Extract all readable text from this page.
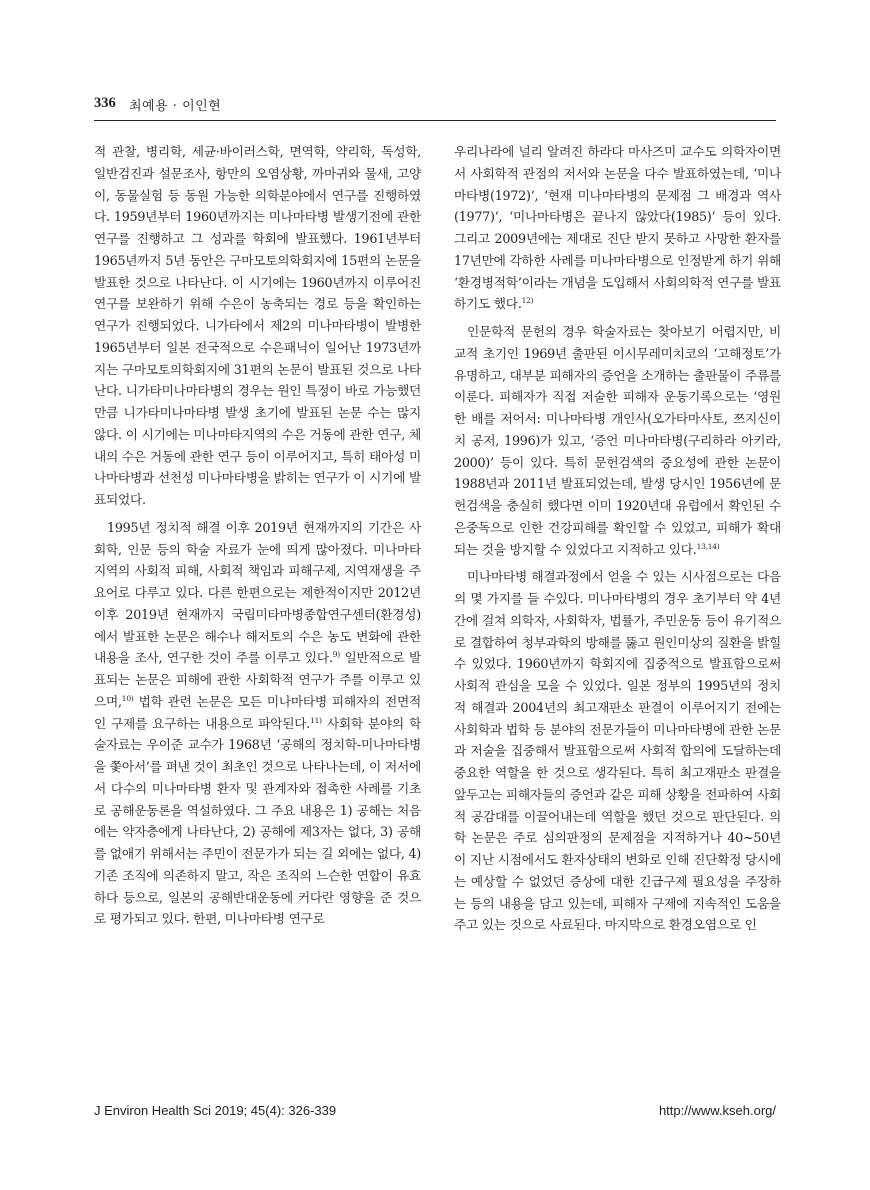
336 최예용 · 이인현

적 관찰, 병리학, 세균·바이러스학, 면역학, 약리학, 독성학, 일반검진과 설문조사, 항만의 오염상황, 까마귀와 물새, 고양이, 동물실험 등 동원 가능한 의학분야에서 연구를 진행하였다. 1959년부터 1960년까지는 미나마타병 발생기전에 관한 연구를 진행하고 그 성과를 학회에 발표했다. 1961년부터 1965년까지 5년 동안은 구마모토의학회지에 15편의 논문을 발표한 것으로 나타난다. 이 시기에는 1960년까지 이루어진 연구를 보완하기 위해 수은이 농축되는 경로 등을 확인하는 연구가 진행되었다. 니가타에서 제2의 미나마타병이 발병한 1965년부터 일본 전국적으로 수은패닉이 일어난 1973년까지는 구마모토의학회지에 31편의 논문이 발표된 것으로 나타난다. 니가타미나마타병의 경우는 원인 특정이 바로 가능했던 만큼 니가타미나마타병 발생 초기에 발표된 논문 수는 많지 않다. 이 시기에는 미나마타지역의 수은 거동에 관한 연구, 체내의 수은 거동에 관한 연구 등이 이루어지고, 특히 태아성 미나마타병과 선천성 미나마타병을 밝히는 연구가 이 시기에 발표되었다.

1995년 정치적 해결 이후 2019년 현재까지의 기간은 사회학, 인문 등의 학술 자료가 눈에 띄게 많아졌다. 미나마타 지역의 사회적 피해, 사회적 책임과 피해구제, 지역재생을 주요어로 다루고 있다. 다른 한편으로는 제한적이지만 2012년 이후 2019년 현재까지 국립미타마병종합연구센터(환경성)에서 발표한 논문은 해수나 해저토의 수은 농도 변화에 관한 내용을 조사, 연구한 것이 주를 이루고 있다.$^{9)}$ 일반적으로 발표되는 논문은 피해에 관한 사회학적 연구가 주를 이루고 있으며,$^{10)}$ 법학 관련 논문은 모든 미나마타병 피해자의 전면적인 구제를 요구하는 내용으로 파악된다.$^{11)}$ 사회학 분야의 학술자료는 우이준 교수가 1968년 ‘공해의 정치학-미나마타병을 쫓아서’를 펴낸 것이 최초인 것으로 나타나는데, 이 저서에서 다수의 미나마타병 환자 및 관계자와 접촉한 사례를 기초로 공해운동론을 역설하였다. 그 주요 내용은 1) 공해는 처음에는 약자층에게 나타난다, 2) 공해에 제3자는 없다, 3) 공해를 없애기 위해서는 주민이 전문가가 되는 길 외에는 없다, 4) 기존 조직에 의존하지 말고, 작은 조직의 느슨한 연합이 유효하다 등으로, 일본의 공해반대운동에 커다란 영향을 준 것으로 평가되고 있다. 한편, 미나마타병 연구로

우리나라에 널리 알려진 하라다 마사즈미 교수도 의학자이면서 사회학적 관점의 저서와 논문을 다수 발표하였는데, ‘미나마타병(1972)’, ‘현재 미나마타병의 문제점 그 배경과 역사(1977)’, ‘미나마타병은 끝나지 않았다(1985)’ 등이 있다. 그리고 2009년에는 제대로 진단 받지 못하고 사망한 환자를 17년만에 각하한 사례를 미나마타병으로 인정받게 하기 위해 ‘환경병적학’이라는 개념을 도입해서 사회의학적 연구를 발표하기도 했다.$^{12)}$

인문학적 문헌의 경우 학술자료는 찾아보기 어렵지만, 비교적 초기인 1969년 출판된 이시무레미치코의 ‘고해정토’가 유명하고, 대부분 피해자의 증언을 소개하는 출판물이 주류를 이룬다. 피해자가 직접 저술한 피해자 운동기록으로는 ‘영원한 배를 저어서: 미나마타병 개인사(오가타마사토, 쯔지신이치 공저, 1996)가 있고, ‘증언 미나마타병(구리하라 아키라, 2000)’ 등이 있다. 특히 문헌검색의 중요성에 관한 논문이 1988년과 2011년 발표되었는데, 발생 당시인 1956년에 문헌검색을 충실히 했다면 이미 1920년대 유럽에서 확인된 수은중독으로 인한 건강피해를 확인할 수 있었고, 피해가 확대되는 것을 방지할 수 있었다고 지적하고 있다.$^{13,14)}$

미나마타병 해결과정에서 얻을 수 있는 시사점으로는 다음의 몇 가지를 들 수있다. 미나마타병의 경우 초기부터 약 4년간에 걸쳐 의학자, 사회학자, 법률가, 주민운동 등이 유기적으로 결합하여 청부과학의 방해를 뚫고 원인미상의 질환을 밝힐 수 있었다. 1960년까지 학회지에 집중적으로 발표함으로써 사회적 관심을 모을 수 있었다. 일본 정부의 1995년의 정치적 해결과 2004년의 최고재판소 판결이 이루어지기 전에는 사회학과 법학 등 분야의 전문가들이 미나마타병에 관한 논문과 저술을 집중해서 발표함으로써 사회적 합의에 도달하는데 중요한 역할을 한 것으로 생각된다. 특히 최고재판소 판결을 앞두고는 피해자들의 증언과 같은 피해 상황을 전파하여 사회적 공감대를 이끌어내는데 역할을 했던 것으로 판단된다. 의학 논문은 주로 심의판정의 문제점을 지적하거나 40~50년이 지난 시점에서도 환자상태의 변화로 인해 진단확정 당시에는 예상할 수 없었던 증상에 대한 긴급구제 필요성을 주장하는 등의 내용을 담고 있는데, 피해자 구제에 지속적인 도움을 주고 있는 것으로 사료된다. 마지막으로 환경오염으로 인

J Environ Health Sci 2019; 45(4): 326-339	http://www.kseh.org/
